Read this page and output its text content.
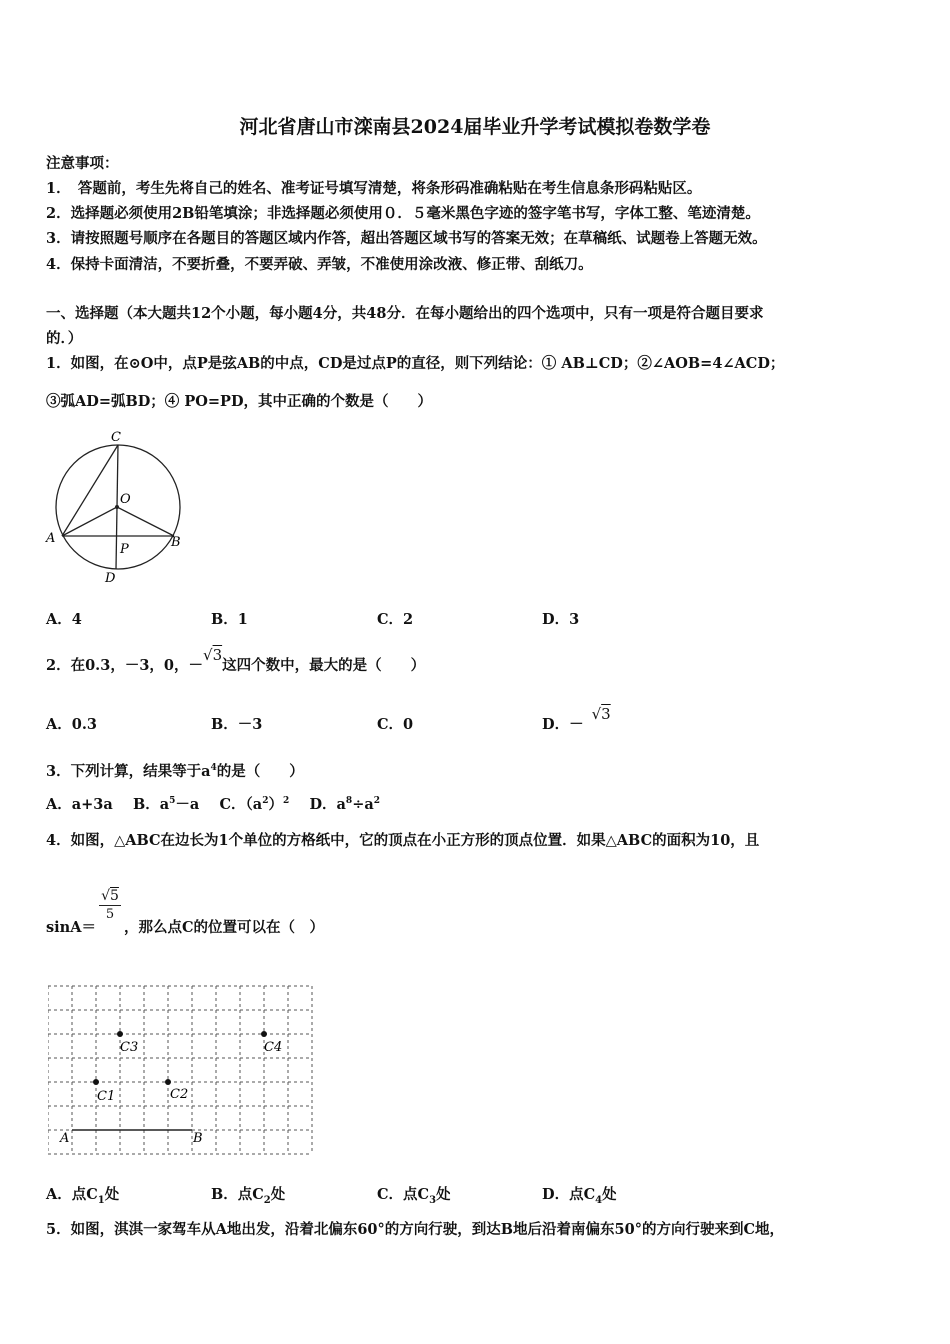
河北省唐山市滦南县2024届毕业升学考试模拟卷数学卷
注意事项：
1．　答题前，考生先将自己的姓名、准考证号填写清楚，将条形码准确粘贴在考生信息条形码粘贴区。
2．选择题必须使用2B铅笔填涂；非选择题必须使用０．５毫米黑色字迹的签字笔书写，字体工整、笔迹清楚。
3．请按照题号顺序在各题目的答题区域内作答，超出答题区域书写的答案无效；在草稿纸、试题卷上答题无效。
4．保持卡面清洁，不要折叠，不要弄破、弄皱，不准使用涂改液、修正带、刮纸刀。
一、选择题（本大题共12个小题，每小题4分，共48分．在每小题给出的四个选项中，只有一项是符合题目要求
的．）
1．如图，在⊙O中，点P是弦AB的中点，CD是过点P的直径，则下列结论：① AB⊥CD；②∠AOB=4∠ACD；
③弧AD=弧BD；④ PO=PD，其中正确的个数是（　　）
C
O
A	B
P
D
A．4	B．1	C．2	D．3
2．在0.3，－3，0，－√3这四个数中，最大的是（　　）
A．0.3	B．－3	C．0	D．－√3
3．下列计算，结果等于$a^4$的是（　　）
A．a+3a B．$a^5-a$ C．$(a^2)^2$ D．$a^8\div a^2$
4．如图，△ABC在边长为1个单位的方格纸中，它的顶点在小正方形的顶点位置．如果△ABC的面积为10，且
sinA＝
√5
5
，那么点C的位置可以在（　）
C3	C4
C1	C2
A	B
A．点$C_1$处	B．点$C_2$处	C．点$C_3$处	D．点$C_4$处
5．如图，淇淇一家驾车从A地出发，沿着北偏东60°的方向行驶，到达B地后沿着南偏东50°的方向行驶来到C地，
